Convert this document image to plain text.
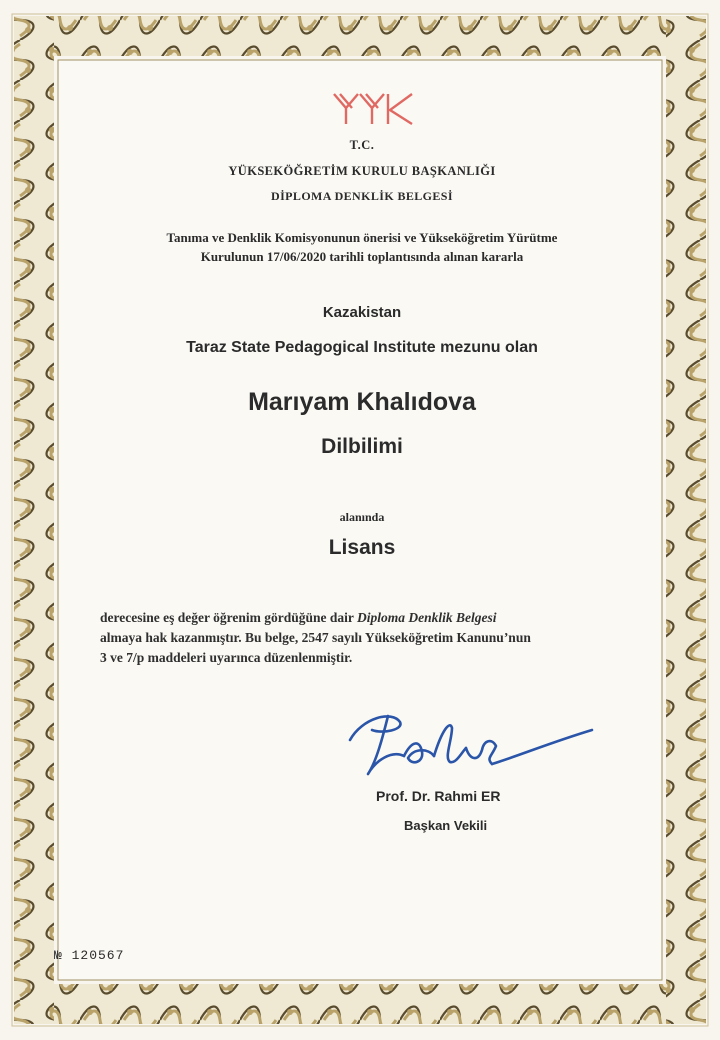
T.C.
YÜKSEKÖĞRETİM KURULU BAŞKANLIĞI
DİPLOMA DENKLİK BELGESİ
Tanıma ve Denklik Komisyonunun önerisi ve Yükseköğretim Yürütme
Kurulunun 17/06/2020 tarihli toplantısında alınan kararla
Kazakistan
Taraz State Pedagogical Institute mezunu olan
Marıyam Khalıdova
Dilbilimi
alanında
Lisans
derecesine eş değer öğrenim gördüğüne dair Diploma Denklik Belgesi
almaya hak kazanmıştır. Bu belge, 2547 sayılı Yükseköğretim Kanunu’nun
3 ve 7/p maddeleri uyarınca düzenlenmiştir.
Prof. Dr. Rahmi ER
Başkan Vekili
№ 120567
